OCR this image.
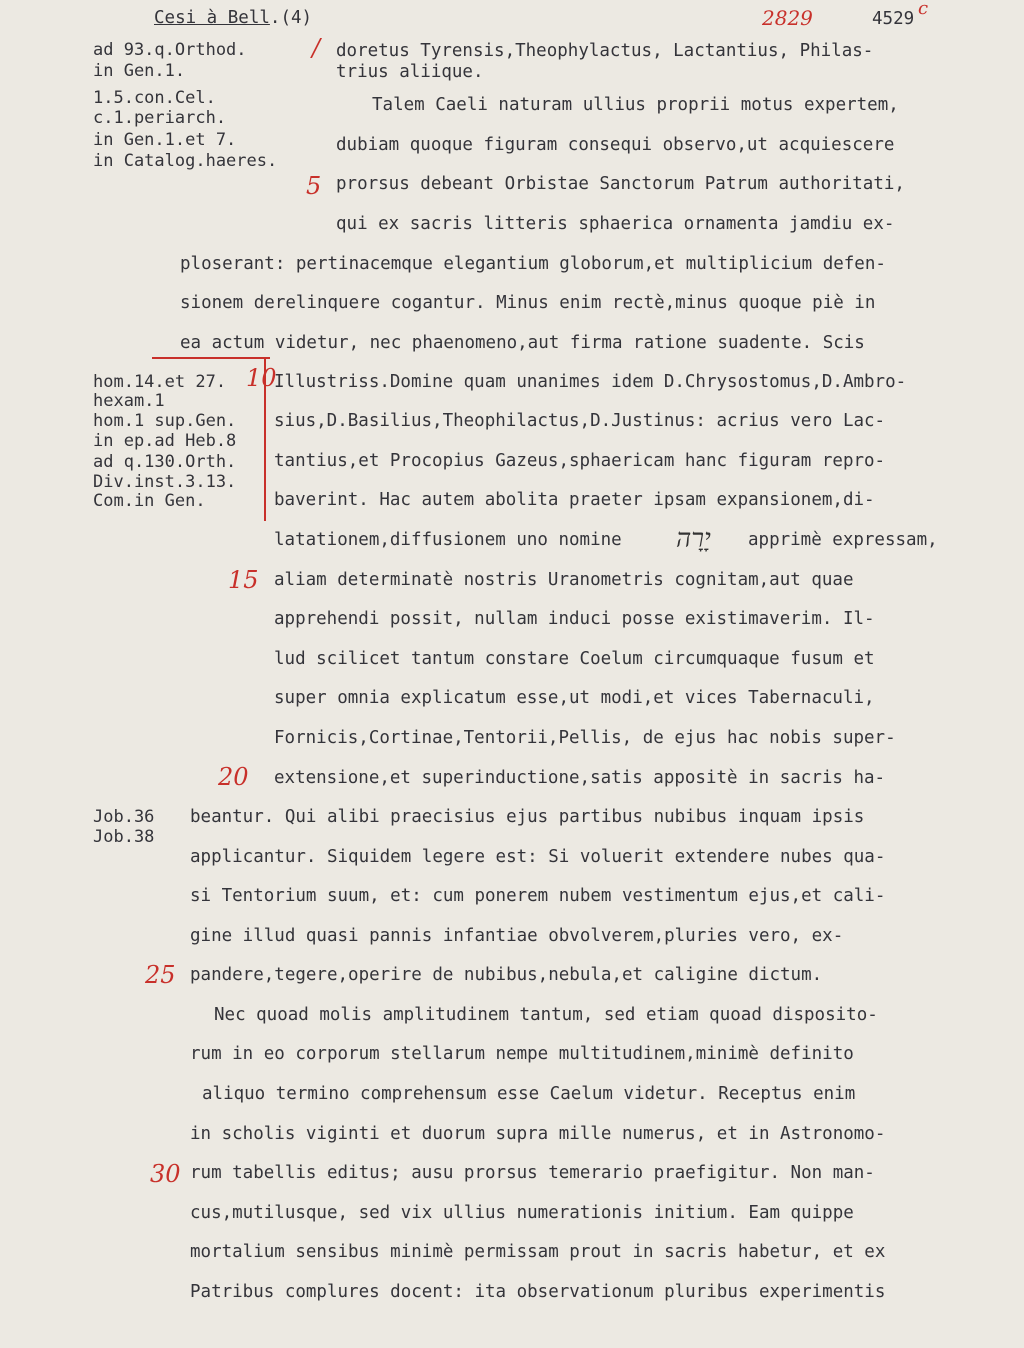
Cesi à Bell.(4)	2829	4529 c
ad 93.q.Orthod.
in Gen.1.
1.5.con.Cel.
c.1.periarch.
in Gen.1.et 7.
in Catalog.haeres.
hom.14.et 27.
hexam.1
hom.1 sup.Gen.
in ep.ad Heb.8
ad q.130.Orth.
Div.inst.3.13.
Com.in Gen.
Job.36
Job.38
/
5
10
15
20
25
30
doretus Tyrensis,Theophylactus, Lactantius, Philas-
trius aliique.
Talem Caeli naturam ullius proprii motus expertem,
dubiam quoque figuram consequi observo,ut acquiescere
prorsus debeant Orbistae Sanctorum Patrum authoritati,
qui ex sacris litteris sphaerica ornamenta jamdiu ex-
ploserant: pertinacemque elegantium globorum,et multiplicium defen-
sionem derelinquere cogantur. Minus enim rectè,minus quoque piè in
ea actum videtur, nec phaenomeno,aut firma ratione suadente. Scis
Illustriss.Domine quam unanimes idem D.Chrysostomus,D.Ambro-
sius,D.Basilius,Theophilactus,D.Justinus: acrius vero Lac-
tantius,et Procopius Gazeus,sphaericam hanc figuram repro-
baverint. Hac autem abolita praeter ipsam expansionem,di-
latationem,diffusionem uno nomine יָרָה apprimè expressam,
aliam determinatè nostris Uranometris cognitam,aut quae
apprehendi possit, nullam induci posse existimaverim. Il-
lud scilicet tantum constare Coelum circumquaque fusum et
super omnia explicatum esse,ut modi,et vices Tabernaculi,
Fornicis,Cortinae,Tentorii,Pellis, de ejus hac nobis super-
extensione,et superinductione,satis appositè in sacris ha-
beantur. Qui alibi praecisius ejus partibus nubibus inquam ipsis
applicantur. Siquidem legere est: Si voluerit extendere nubes qua-
si Tentorium suum, et: cum ponerem nubem vestimentum ejus,et cali-
gine illud quasi pannis infantiae obvolverem,pluries vero, ex-
pandere,tegere,operire de nubibus,nebula,et caligine dictum.
Nec quoad molis amplitudinem tantum, sed etiam quoad disposito-
rum in eo corporum stellarum nempe multitudinem,minimè definito
aliquo termino comprehensum esse Caelum videtur. Receptus enim
in scholis viginti et duorum supra mille numerus, et in Astronomo-
rum tabellis editus; ausu prorsus temerario praefigitur. Non man-
cus,mutilusque, sed vix ullius numerationis initium. Eam quippe
mortalium sensibus minimè permissam prout in sacris habetur, et ex
Patribus complures docent: ita observationum pluribus experimentis
